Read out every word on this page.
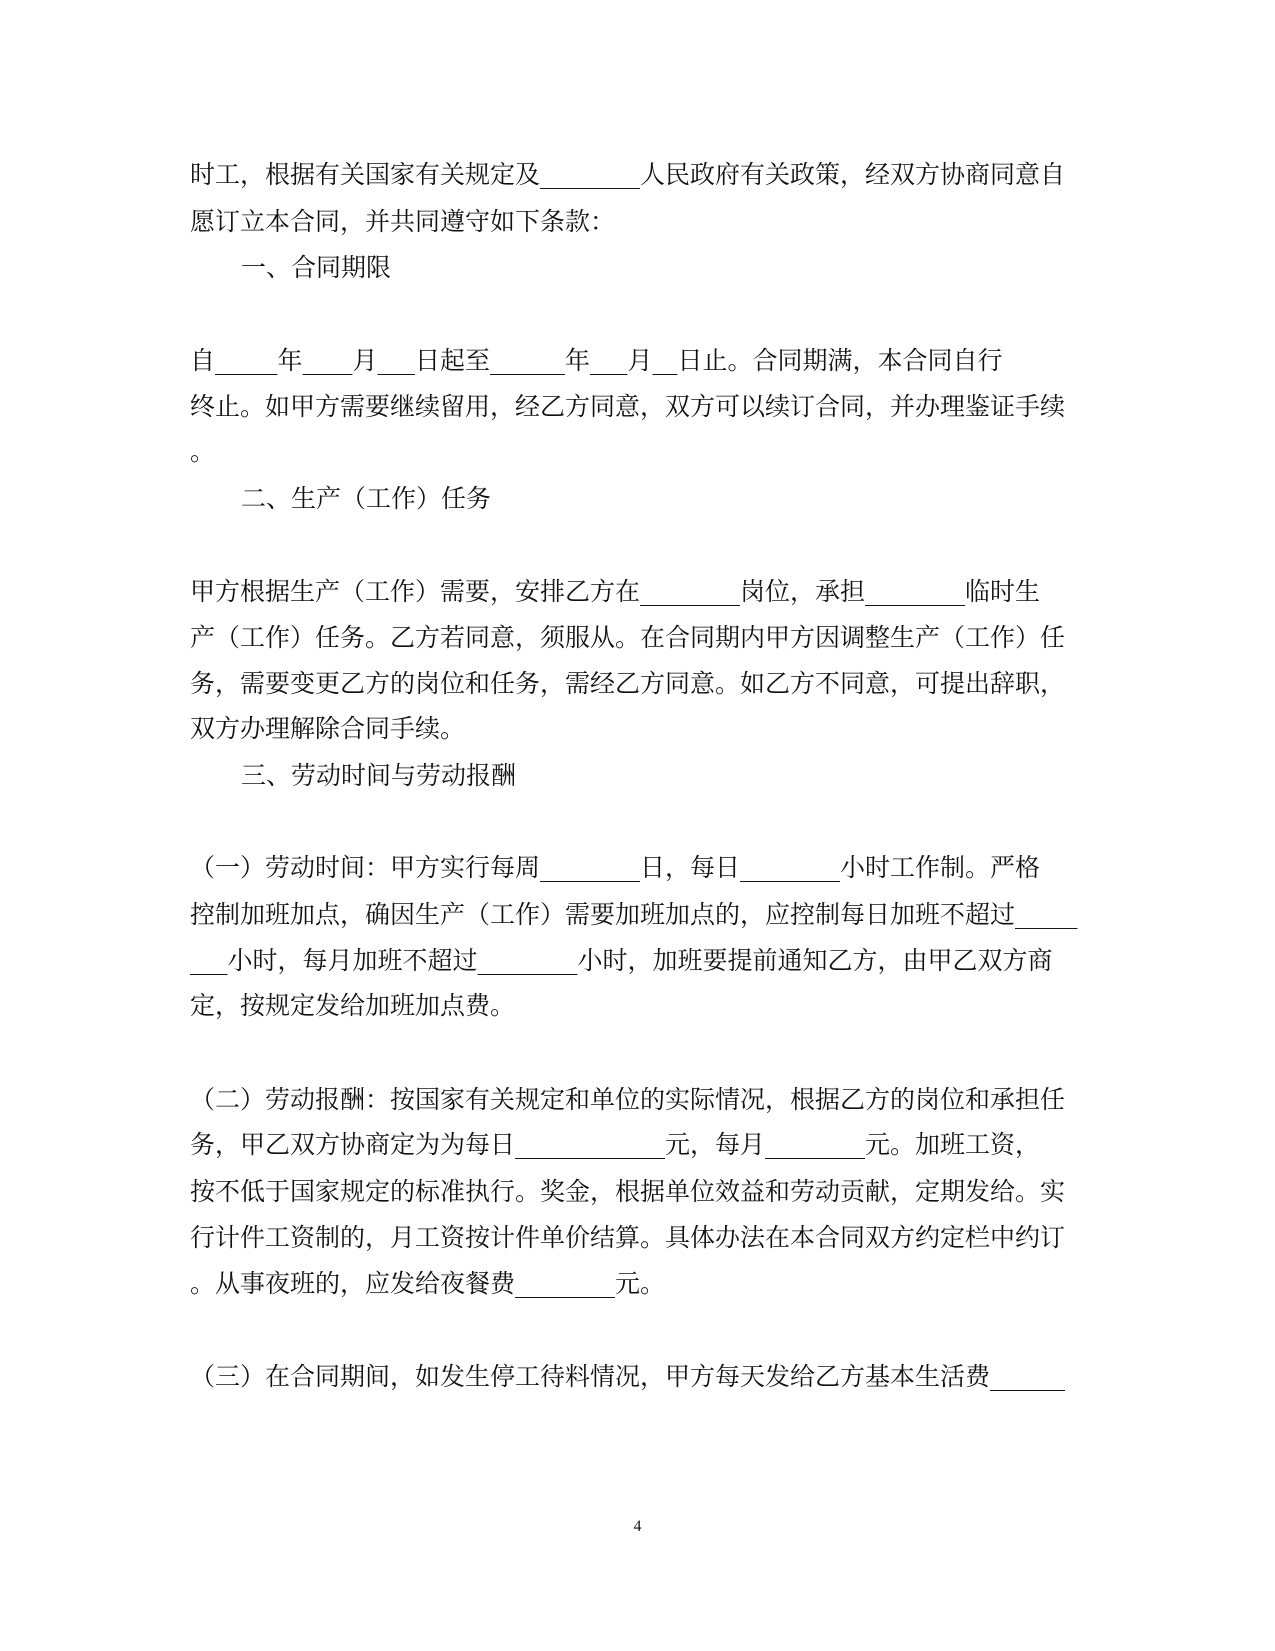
时工，根据有关国家有关规定及________人民政府有关政策，经双方协商同意自
愿订立本合同，并共同遵守如下条款：
一、合同期限
自_____年____月___日起至______年___月__日止。合同期满，本合同自行
终止。如甲方需要继续留用，经乙方同意，双方可以续订合同，并办理鉴证手续
。
二、生产（工作）任务
甲方根据生产（工作）需要，安排乙方在________岗位，承担________临时生
产（工作）任务。乙方若同意，须服从。在合同期内甲方因调整生产（工作）任
务，需要变更乙方的岗位和任务，需经乙方同意。如乙方不同意，可提出辞职，
双方办理解除合同手续。
三、劳动时间与劳动报酬
（一）劳动时间：甲方实行每周________日，每日________小时工作制。严格
控制加班加点，确因生产（工作）需要加班加点的，应控制每日加班不超过_____
___小时，每月加班不超过________小时，加班要提前通知乙方，由甲乙双方商
定，按规定发给加班加点费。
（二）劳动报酬：按国家有关规定和单位的实际情况，根据乙方的岗位和承担任
务，甲乙双方协商定为为每日____________元，每月________元。加班工资，
按不低于国家规定的标准执行。奖金，根据单位效益和劳动贡献，定期发给。实
行计件工资制的，月工资按计件单价结算。具体办法在本合同双方约定栏中约订
。从事夜班的，应发给夜餐费________元。
（三）在合同期间，如发生停工待料情况，甲方每天发给乙方基本生活费______
4
